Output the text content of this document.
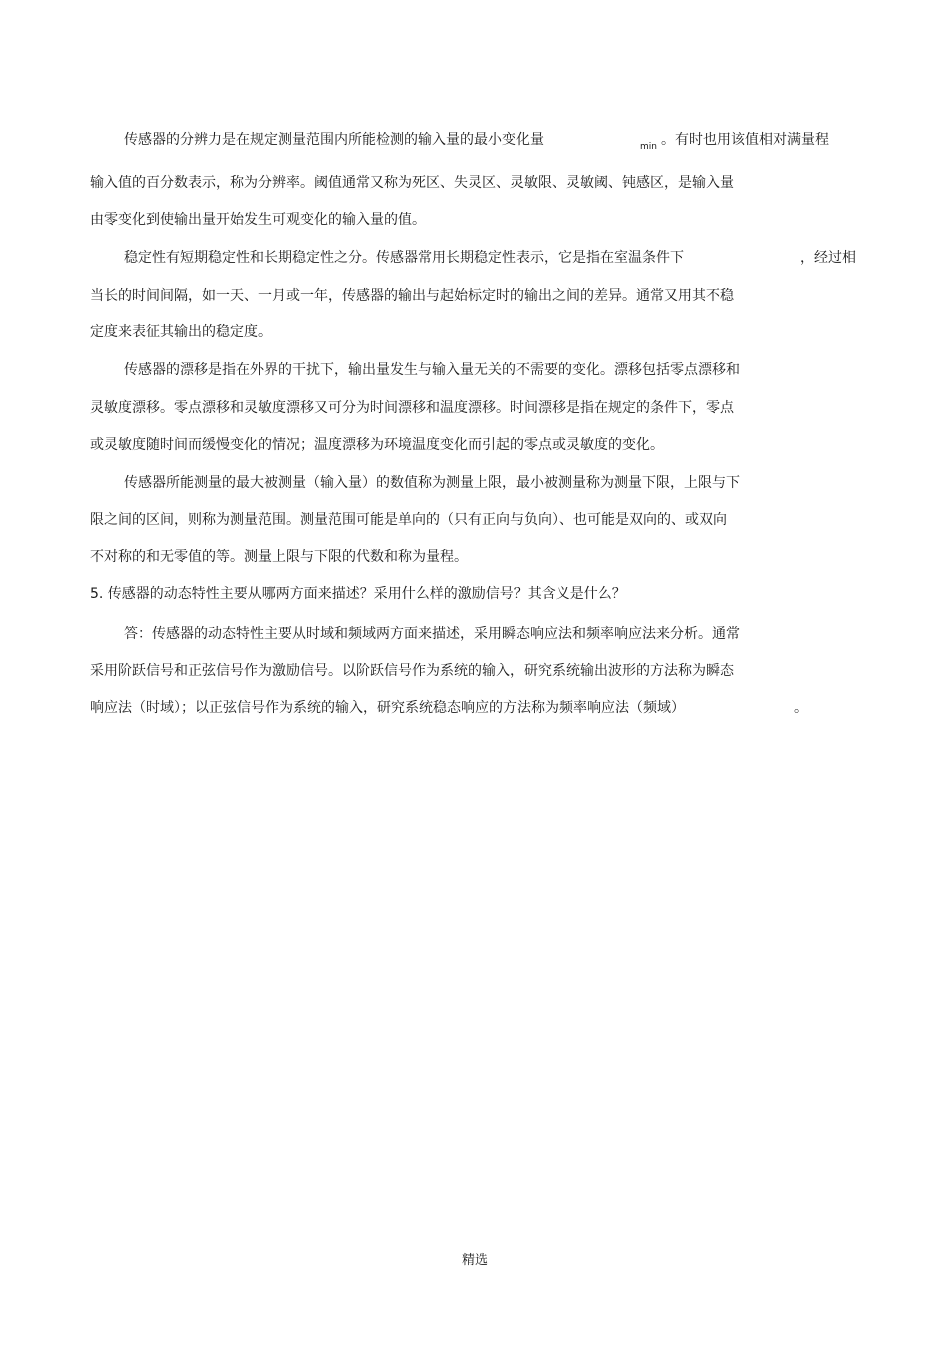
传感器的分辨力是在规定测量范围内所能检测的输入量的最小变化量	$_{min}$ 。有时也用该值相对满量程
输入值的百分数表示，称为分辨率。阈值通常又称为死区、失灵区、灵敏限、灵敏阈、钝感区，是输入量
由零变化到使输出量开始发生可观变化的输入量的值。
稳定性有短期稳定性和长期稳定性之分。传感器常用长期稳定性表示，它是指在室温条件下	，经过相
当长的时间间隔，如一天、一月或一年，传感器的输出与起始标定时的输出之间的差异。通常又用其不稳
定度来表征其输出的稳定度。
传感器的漂移是指在外界的干扰下，输出量发生与输入量无关的不需要的变化。漂移包括零点漂移和
灵敏度漂移。零点漂移和灵敏度漂移又可分为时间漂移和温度漂移。时间漂移是指在规定的条件下，零点
或灵敏度随时间而缓慢变化的情况；温度漂移为环境温度变化而引起的零点或灵敏度的变化。
传感器所能测量的最大被测量（输入量）的数值称为测量上限，最小被测量称为测量下限，上限与下
限之间的区间，则称为测量范围。测量范围可能是单向的（只有正向与负向）、也可能是双向的、或双向
不对称的和无零值的等。测量上限与下限的代数和称为量程。
5. 传感器的动态特性主要从哪两方面来描述？采用什么样的激励信号？其含义是什么？
答：传感器的动态特性主要从时域和频域两方面来描述，采用瞬态响应法和频率响应法来分析。通常
采用阶跃信号和正弦信号作为激励信号。以阶跃信号作为系统的输入，研究系统输出波形的方法称为瞬态
响应法（时域）；以正弦信号作为系统的输入，研究系统稳态响应的方法称为频率响应法（频域）	。
精选
